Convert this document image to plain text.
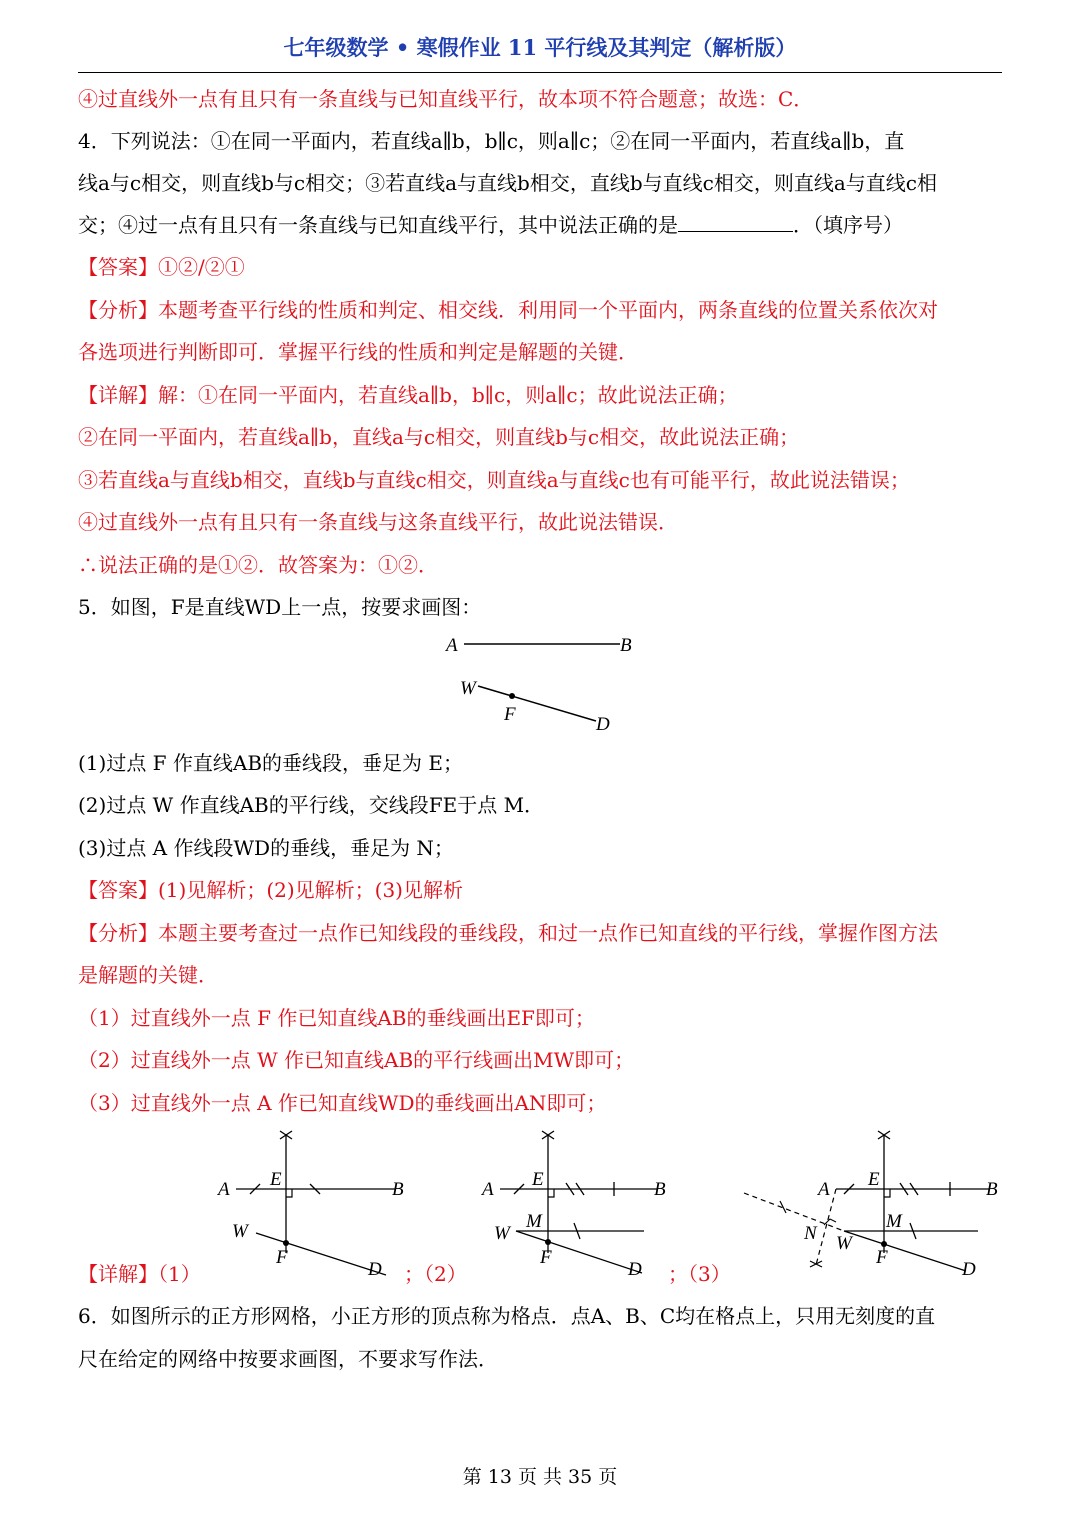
七年级数学 • 寒假作业 11 平行线及其判定（解析版）
④过直线外一点有且只有一条直线与已知直线平行，故本项不符合题意；故选：C．
4．下列说法：①在同一平面内，若直线a∥b，b∥c，则a∥c；②在同一平面内，若直线a∥b，直
线a与c相交，则直线b与c相交；③若直线a与直线b相交，直线b与直线c相交，则直线a与直线c相
交；④过一点有且只有一条直线与已知直线平行，其中说法正确的是	．（填序号）
【答案】①②/②①
【分析】本题考查平行线的性质和判定、相交线．利用同一个平面内，两条直线的位置关系依次对
各选项进行判断即可．掌握平行线的性质和判定是解题的关键．
【详解】解：①在同一平面内，若直线a∥b，b∥c，则a∥c；故此说法正确；
②在同一平面内，若直线a∥b，直线a与c相交，则直线b与c相交，故此说法正确；
③若直线a与直线b相交，直线b与直线c相交，则直线a与直线c也有可能平行，故此说法错误；
④过直线外一点有且只有一条直线与这条直线平行，故此说法错误．
∴说法正确的是①②．故答案为：①②．
5．如图，F是直线WD上一点，按要求画图：
A	B
W
F	D
(1)过点 F 作直线AB的垂线段，垂足为 E；
(2)过点 W 作直线AB的平行线，交线段FE于点 M．
(3)过点 A 作线段WD的垂线，垂足为 N；
【答案】(1)见解析；(2)见解析；(3)见解析
【分析】本题主要考查过一点作已知线段的垂线段，和过一点作已知直线的平行线，掌握作图方法
是解题的关键．
（1）过直线外一点 F 作已知直线AB的垂线画出EF即可；
（2）过直线外一点 W 作已知直线AB的平行线画出MW即可；
（3）过直线外一点 A 作已知直线WD的垂线画出AN即可；
【详解】（1）	；（2）	；（3）
A	B
E
W
F
D
A	B
E
M
W
F
D
A	B
E
M
N W
F
D
6．如图所示的正方形网格，小正方形的顶点称为格点．点A、B、C均在格点上，只用无刻度的直
尺在给定的网络中按要求画图，不要求写作法．
第 13 页 共 35 页
